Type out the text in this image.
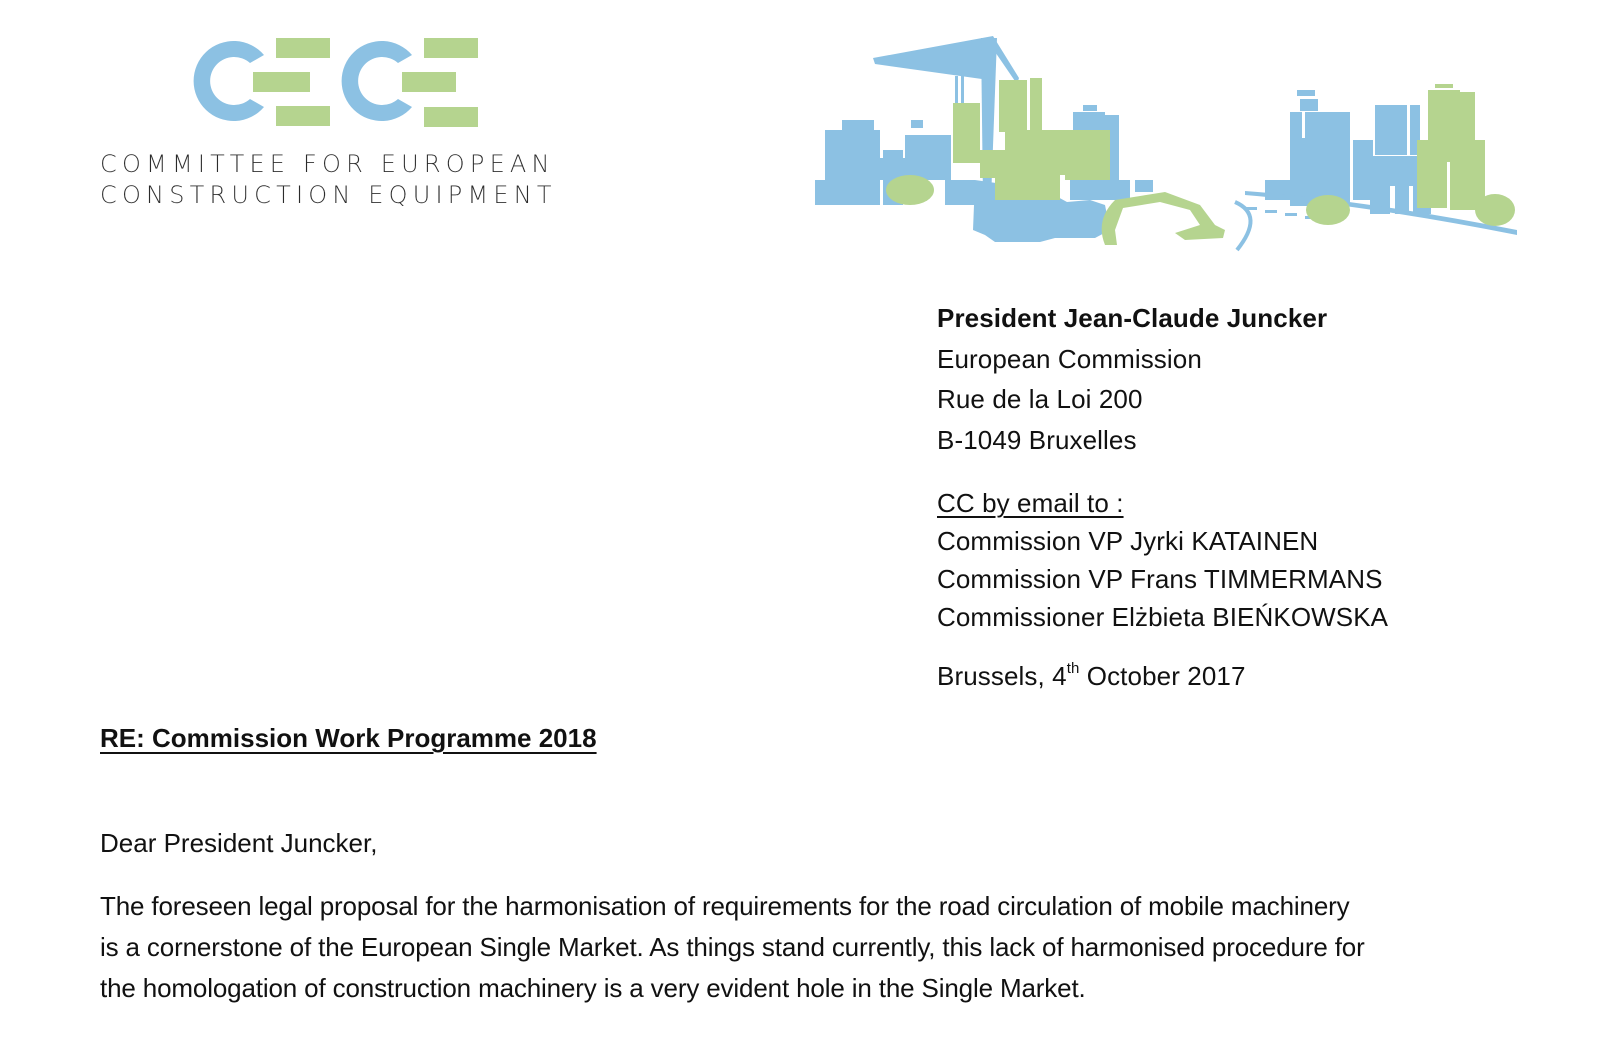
COMMITTEE FOR EUROPEAN
CONSTRUCTION EQUIPMENT
President Jean-Claude Juncker
European Commission
Rue de la Loi 200
B-1049 Bruxelles
CC by email to :
Commission VP Jyrki KATAINEN
Commission VP Frans TIMMERMANS
Commissioner Elżbieta BIEŃKOWSKA
Brussels, 4th October 2017
RE: Commission Work Programme 2018
Dear President Juncker,
The foreseen legal proposal for the harmonisation of requirements for the road circulation of mobile machinery
is a cornerstone of the European Single Market. As things stand currently, this lack of harmonised procedure for
the homologation of construction machinery is a very evident hole in the Single Market.
